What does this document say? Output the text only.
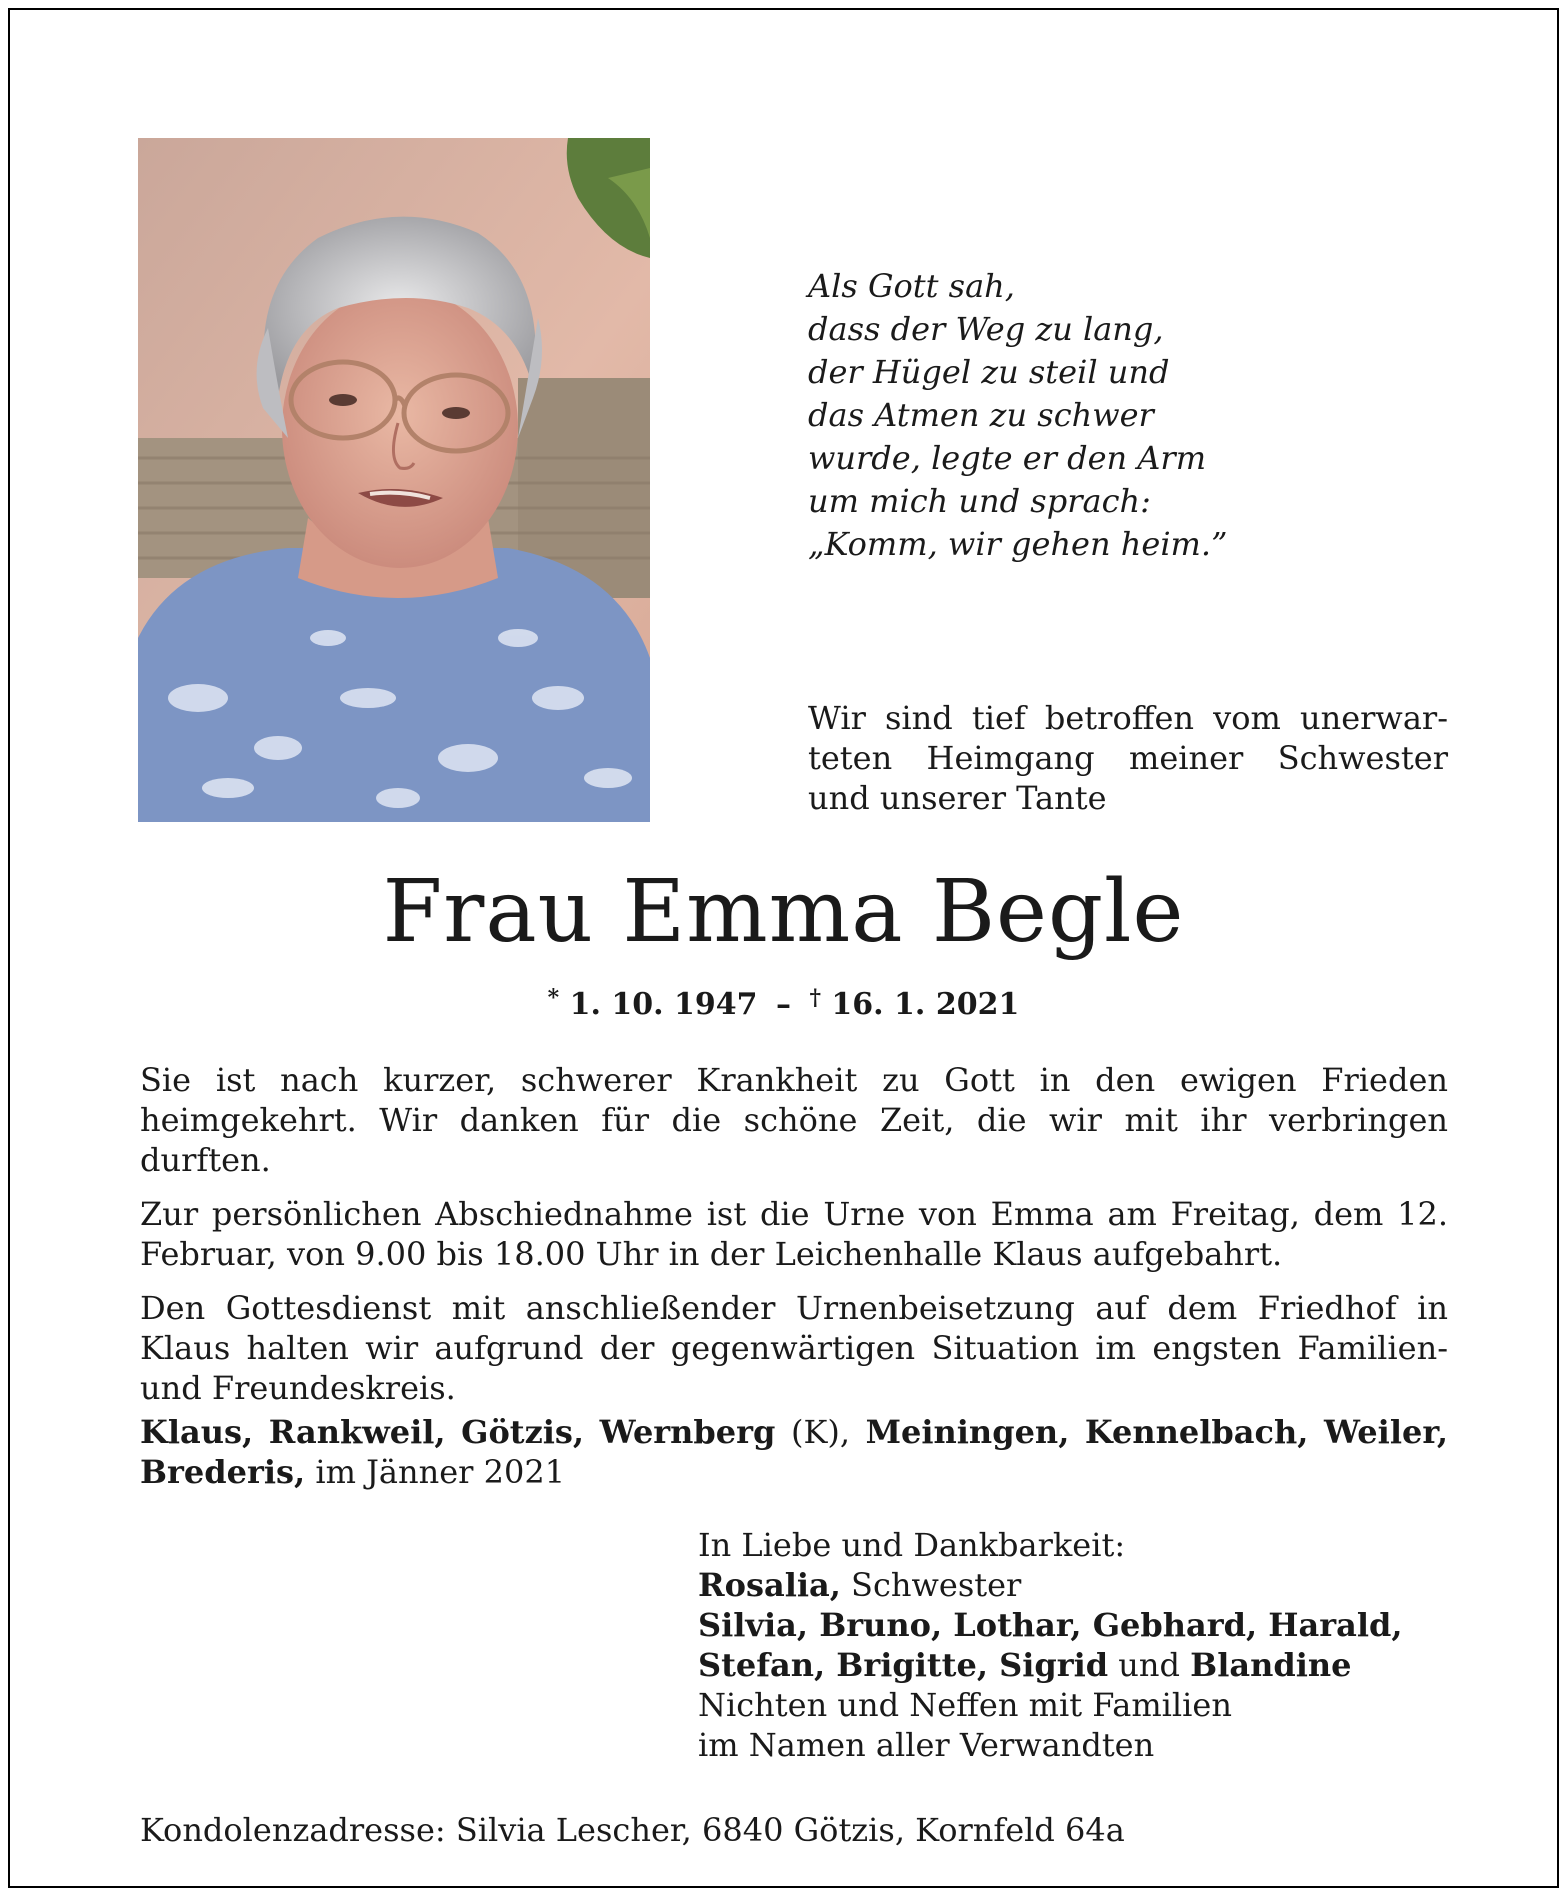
Als Gott sah,
dass der Weg zu lang,
der Hügel zu steil und
das Atmen zu schwer
wurde, legte er den Arm
um mich und sprach:
„Komm, wir gehen heim.”
Wir sind tief betroffen vom unerwar-
teten Heimgang meiner Schwester
und unserer Tante
Frau Emma Begle
* 1. 10. 1947 – † 16. 1. 2021

Sie ist nach kurzer, schwerer Krankheit zu Gott in den ewigen Frieden heimgekehrt. Wir danken für die schöne Zeit, die wir mit ihr verbringen durften.

Zur persönlichen Abschiednahme ist die Urne von Emma am Freitag, dem 12. Februar, von 9.00 bis 18.00 Uhr in der Leichenhalle Klaus aufgebahrt.

Den Gottesdienst mit anschließender Urnenbeisetzung auf dem Friedhof in Klaus halten wir aufgrund der gegenwärtigen Situation im engsten Familien- und Freundeskreis.

Klaus, Rankweil, Götzis, Wernberg (K), Meiningen, Kennelbach, Weiler, Brederis, im Jänner 2021
In Liebe und Dankbarkeit:
Rosalia, Schwester
Silvia, Bruno, Lothar, Gebhard, Harald,
Stefan, Brigitte, Sigrid und Blandine
Nichten und Neffen mit Familien
im Namen aller Verwandten
Kondolenzadresse: Silvia Lescher, 6840 Götzis, Kornfeld 64a
